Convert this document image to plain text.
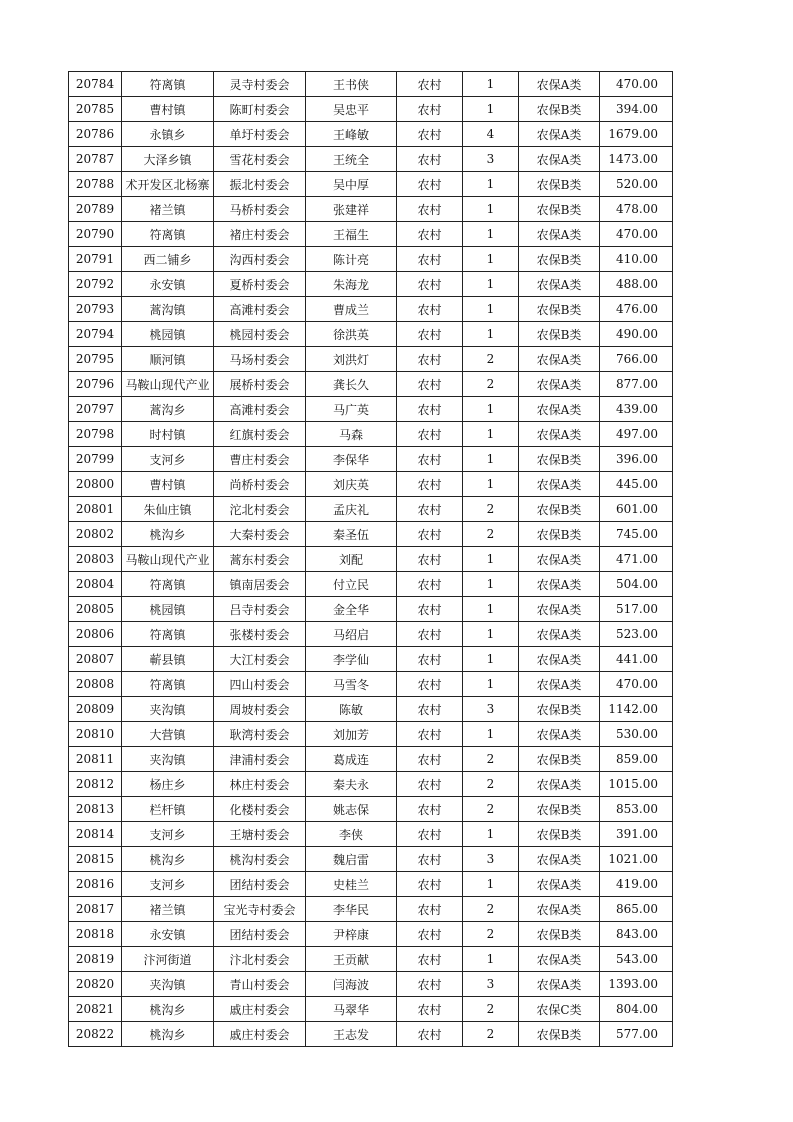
20784	符离镇	灵寺村委会	王书侠	农村	1	农保A类	470.00
20785	曹村镇	陈町村委会	吴忠平	农村	1	农保B类	394.00
20786	永镇乡	单圩村委会	王峰敏	农村	4	农保A类	1679.00
20787	大泽乡镇	雪花村委会	王统全	农村	3	农保A类	1473.00
20788	术开发区北杨寨	振北村委会	吴中厚	农村	1	农保B类	520.00
20789	褚兰镇	马桥村委会	张建祥	农村	1	农保B类	478.00
20790	符离镇	褚庄村委会	王福生	农村	1	农保A类	470.00
20791	西二铺乡	沟西村委会	陈计亮	农村	1	农保B类	410.00
20792	永安镇	夏桥村委会	朱海龙	农村	1	农保A类	488.00
20793	蒿沟镇	高滩村委会	曹成兰	农村	1	农保B类	476.00
20794	桃园镇	桃园村委会	徐洪英	农村	1	农保B类	490.00
20795	顺河镇	马场村委会	刘洪灯	农村	2	农保A类	766.00
20796	马鞍山现代产业	展桥村委会	龚长久	农村	2	农保A类	877.00
20797	蒿沟乡	高滩村委会	马广英	农村	1	农保A类	439.00
20798	时村镇	红旗村委会	马森	农村	1	农保A类	497.00
20799	支河乡	曹庄村委会	李保华	农村	1	农保B类	396.00
20800	曹村镇	尚桥村委会	刘庆英	农村	1	农保A类	445.00
20801	朱仙庄镇	沱北村委会	孟庆礼	农村	2	农保B类	601.00
20802	桃沟乡	大秦村委会	秦圣伍	农村	2	农保B类	745.00
20803	马鞍山现代产业	蒿东村委会	刘配	农村	1	农保A类	471.00
20804	符离镇	镇南居委会	付立民	农村	1	农保A类	504.00
20805	桃园镇	吕寺村委会	金全华	农村	1	农保A类	517.00
20806	符离镇	张楼村委会	马绍启	农村	1	农保A类	523.00
20807	蕲县镇	大江村委会	李学仙	农村	1	农保A类	441.00
20808	符离镇	四山村委会	马雪冬	农村	1	农保A类	470.00
20809	夹沟镇	周坡村委会	陈敏	农村	3	农保B类	1142.00
20810	大营镇	耿湾村委会	刘加芳	农村	1	农保A类	530.00
20811	夹沟镇	津浦村委会	葛成连	农村	2	农保B类	859.00
20812	杨庄乡	林庄村委会	秦夫永	农村	2	农保A类	1015.00
20813	栏杆镇	化楼村委会	姚志保	农村	2	农保B类	853.00
20814	支河乡	王塘村委会	李侠	农村	1	农保B类	391.00
20815	桃沟乡	桃沟村委会	魏启雷	农村	3	农保A类	1021.00
20816	支河乡	团结村委会	史桂兰	农村	1	农保A类	419.00
20817	褚兰镇	宝光寺村委会	李华民	农村	2	农保A类	865.00
20818	永安镇	团结村委会	尹梓康	农村	2	农保B类	843.00
20819	汴河街道	汴北村委会	王贡献	农村	1	农保A类	543.00
20820	夹沟镇	青山村委会	闫海波	农村	3	农保A类	1393.00
20821	桃沟乡	戚庄村委会	马翠华	农村	2	农保C类	804.00
20822	桃沟乡	戚庄村委会	王志发	农村	2	农保B类	577.00
